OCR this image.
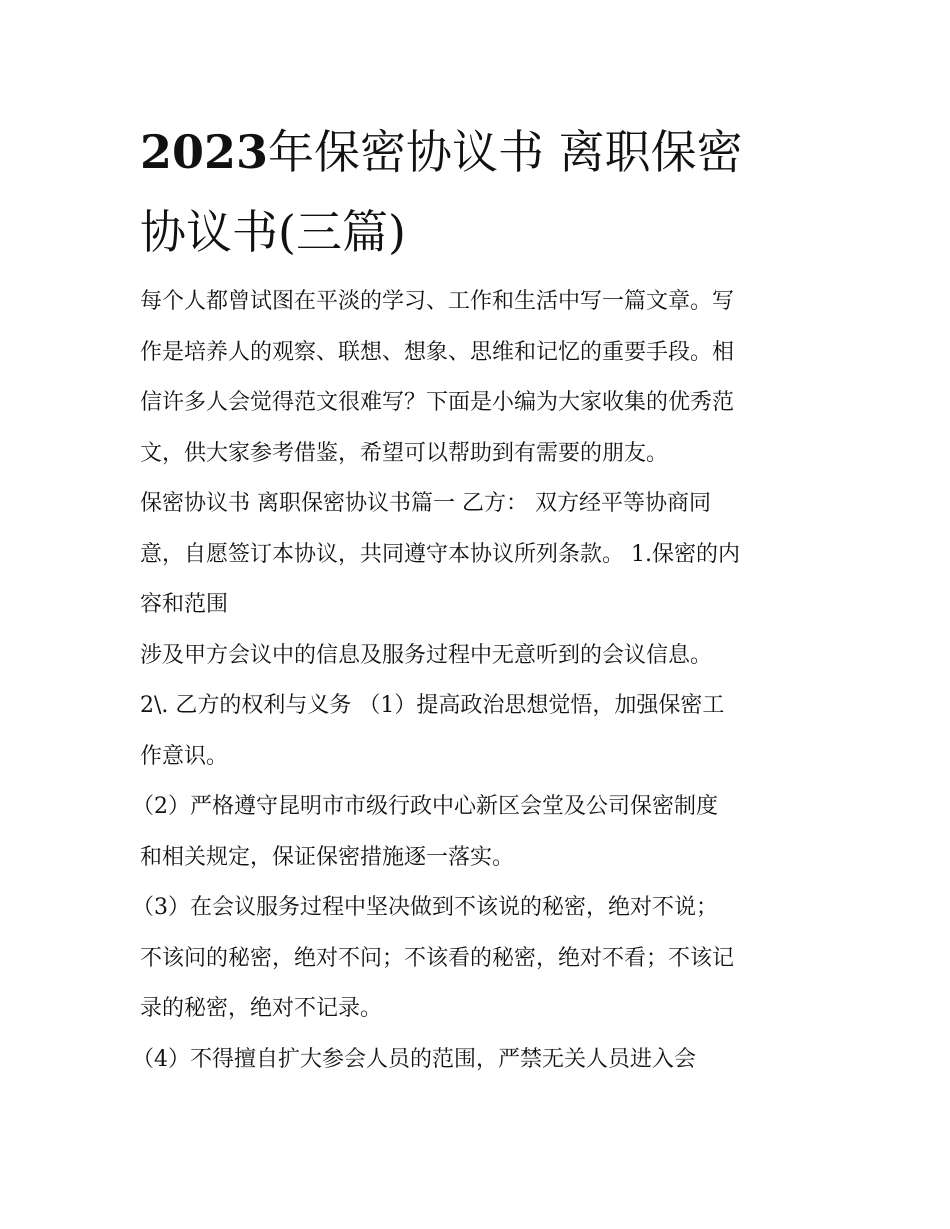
2023年保密协议书 离职保密
协议书(三篇)
每个人都曾试图在平淡的学习、工作和生活中写一篇文章。写
作是培养人的观察、联想、想象、思维和记忆的重要手段。相
信许多人会觉得范文很难写？下面是小编为大家收集的优秀范
文，供大家参考借鉴，希望可以帮助到有需要的朋友。
保密协议书 离职保密协议书篇一 乙方： 双方经平等协商同
意，自愿签订本协议，共同遵守本协议所列条款。 1.保密的内
容和范围
涉及甲方会议中的信息及服务过程中无意听到的会议信息。
2\. 乙方的权利与义务 （1）提高政治思想觉悟，加强保密工
作意识。
（2）严格遵守昆明市市级行政中心新区会堂及公司保密制度
和相关规定，保证保密措施逐一落实。
（3）在会议服务过程中坚决做到不该说的秘密，绝对不说；
不该问的秘密，绝对不问；不该看的秘密，绝对不看；不该记
录的秘密，绝对不记录。
（4）不得擅自扩大参会人员的范围，严禁无关人员进入会
